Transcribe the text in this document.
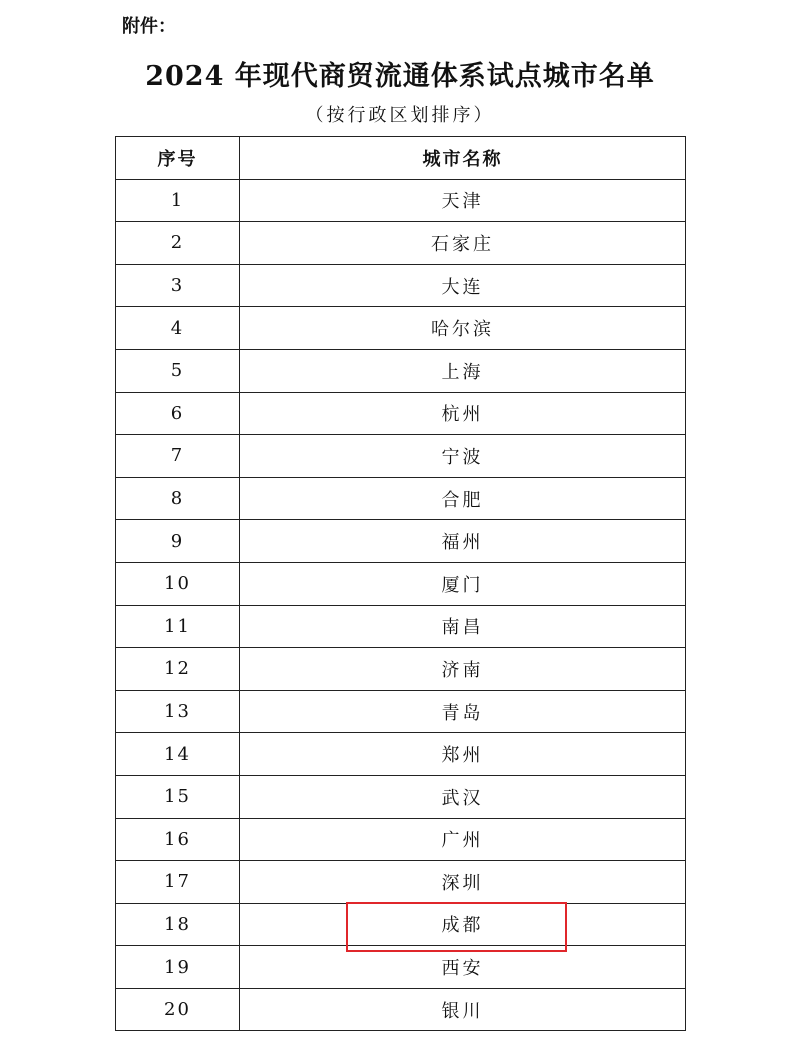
附件：
2024 年现代商贸流通体系试点城市名单
（按行政区划排序）
序号	城市名称
1	天津
2	石家庄
3	大连
4	哈尔滨
5	上海
6	杭州
7	宁波
8	合肥
9	福州
10	厦门
11	南昌
12	济南
13	青岛
14	郑州
15	武汉
16	广州
17	深圳
18	成都
19	西安
20	银川
